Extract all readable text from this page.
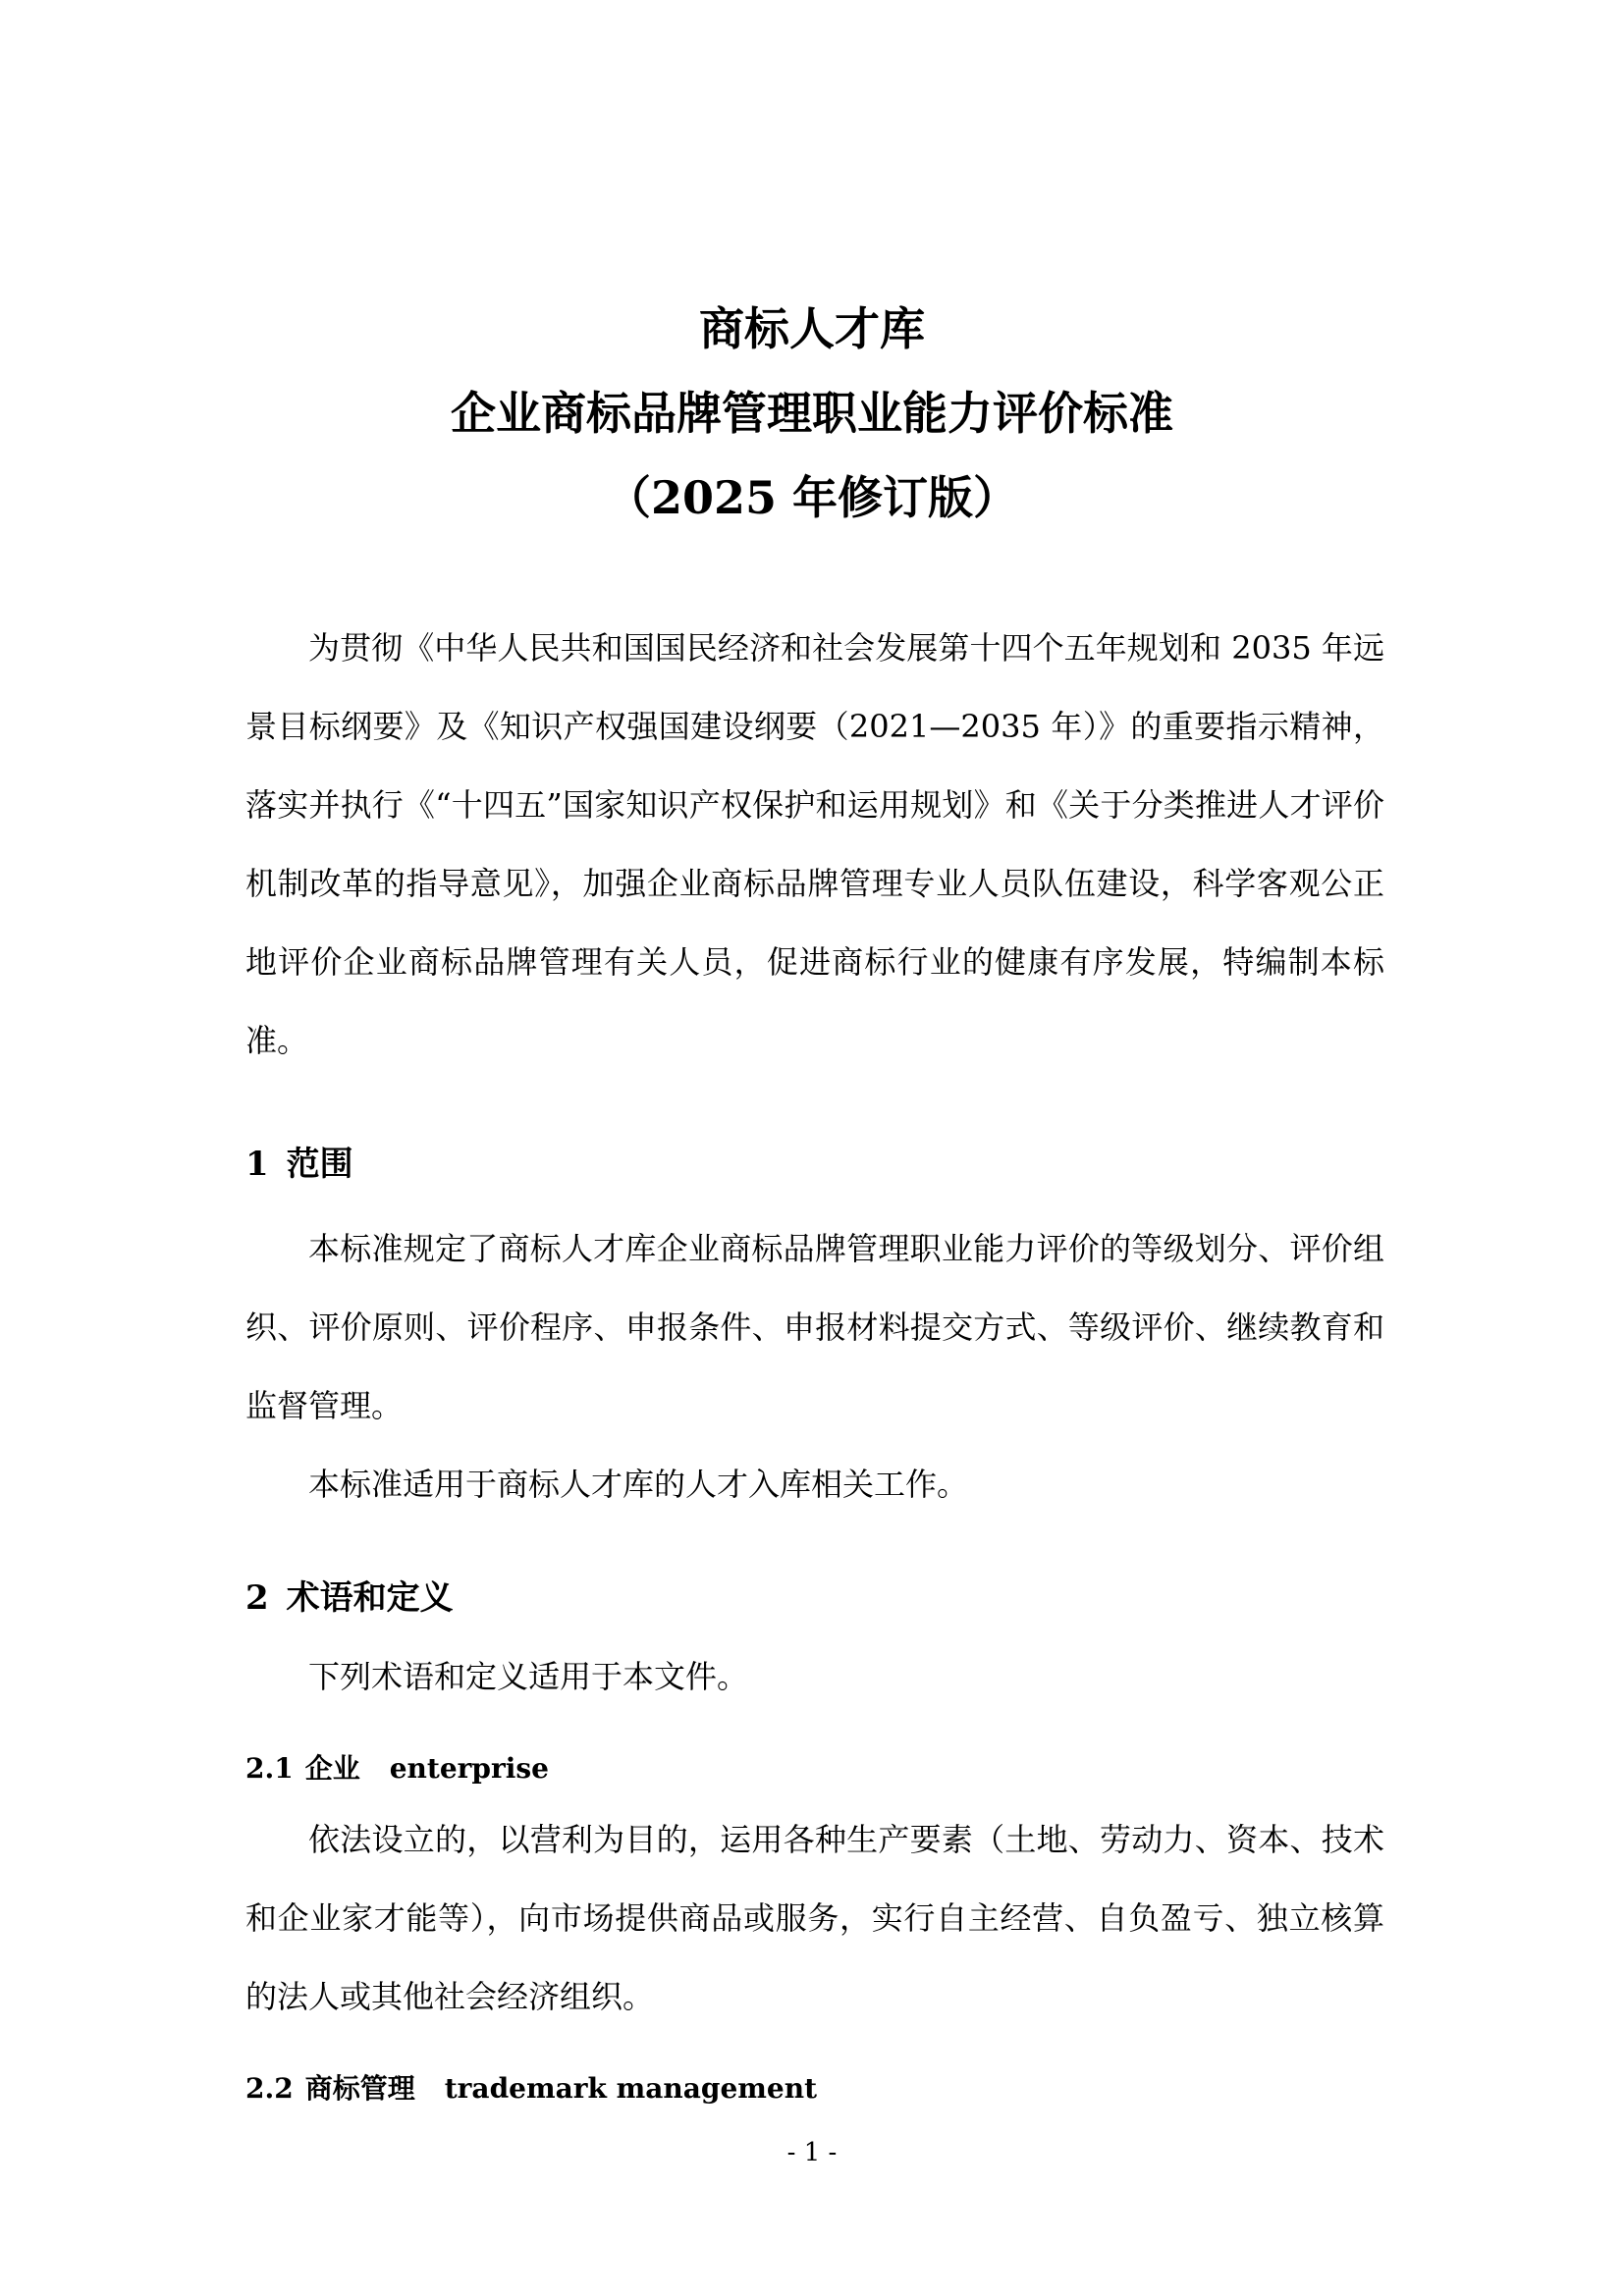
商标人才库
企业商标品牌管理职业能力评价标准
（2025 年修订版）

为贯彻《中华人民共和国国民经济和社会发展第十四个五年规划和 2035 年远景目标纲要》及《知识产权强国建设纲要（2021—2035 年）》的重要指示精神，落实并执行《“十四五”国家知识产权保护和运用规划》和《关于分类推进人才评价机制改革的指导意见》，加强企业商标品牌管理专业人员队伍建设，科学客观公正地评价企业商标品牌管理有关人员，促进商标行业的健康有序发展，特编制本标准。

1 范围

本标准规定了商标人才库企业商标品牌管理职业能力评价的等级划分、评价组织、评价原则、评价程序、申报条件、申报材料提交方式、等级评价、继续教育和监督管理。

本标准适用于商标人才库的人才入库相关工作。

2 术语和定义

下列术语和定义适用于本文件。

2.1 企业 enterprise

依法设立的，以营利为目的，运用各种生产要素（土地、劳动力、资本、技术和企业家才能等），向市场提供商品或服务，实行自主经营、自负盈亏、独立核算的法人或其他社会经济组织。

2.2 商标管理 trademark management
- 1 -
